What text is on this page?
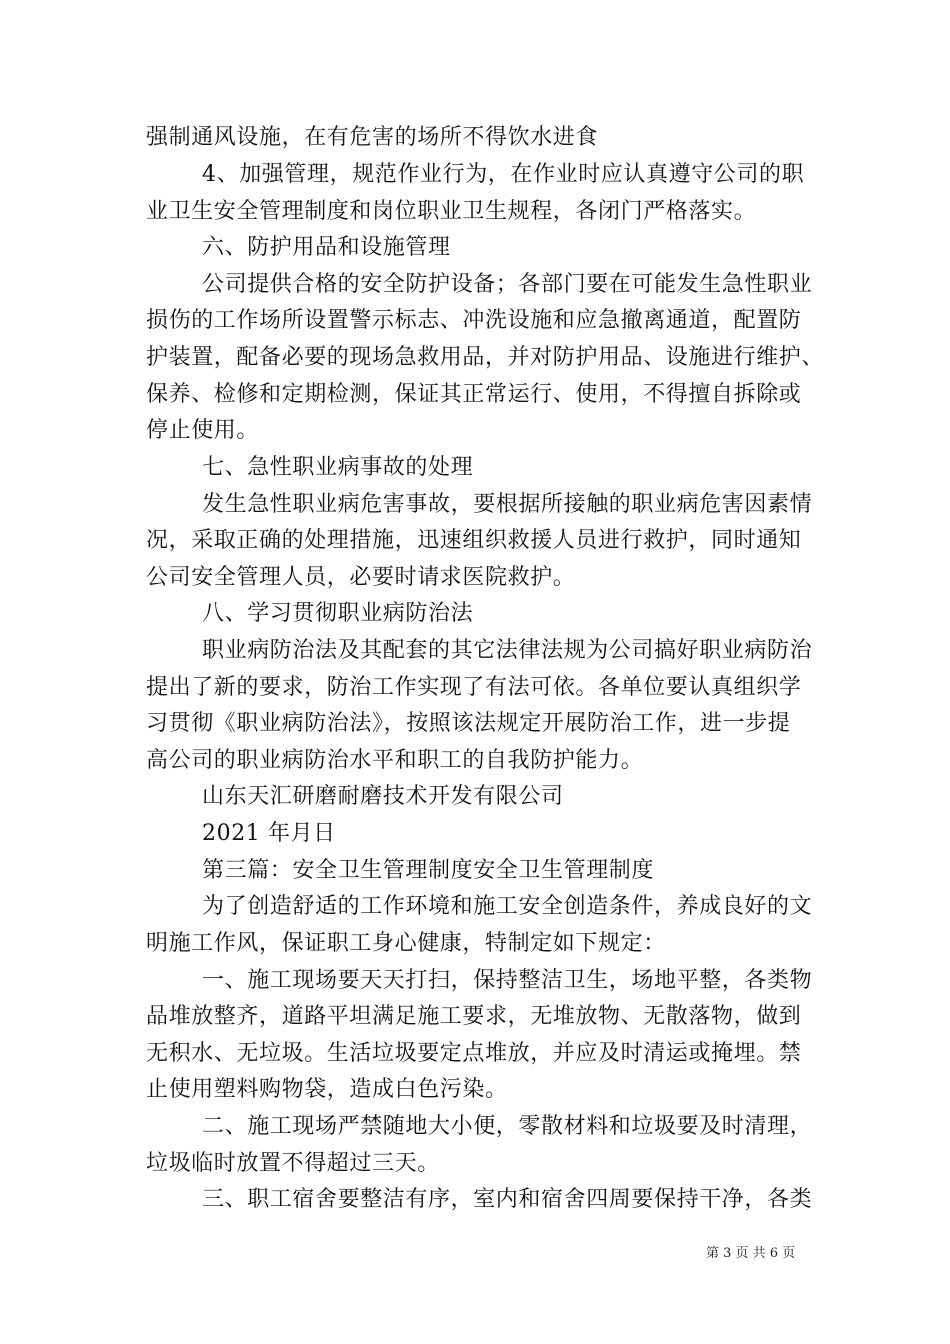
强制通风设施，在有危害的场所不得饮水进食
4、加强管理，规范作业行为，在作业时应认真遵守公司的职
业卫生安全管理制度和岗位职业卫生规程，各闭门严格落实。
六、防护用品和设施管理
公司提供合格的安全防护设备；各部门要在可能发生急性职业
损伤的工作场所设置警示标志、冲洗设施和应急撤离通道，配置防
护装置，配备必要的现场急救用品，并对防护用品、设施进行维护、
保养、检修和定期检测，保证其正常运行、使用，不得擅自拆除或
停止使用。
七、急性职业病事故的处理
发生急性职业病危害事故，要根据所接触的职业病危害因素情
况，采取正确的处理措施，迅速组织救援人员进行救护，同时通知
公司安全管理人员，必要时请求医院救护。
八、学习贯彻职业病防治法
职业病防治法及其配套的其它法律法规为公司搞好职业病防治
提出了新的要求，防治工作实现了有法可依。各单位要认真组织学
习贯彻《职业病防治法》，按照该法规定开展防治工作，进一步提
高公司的职业病防治水平和职工的自我防护能力。
山东天汇研磨耐磨技术开发有限公司
2021 年月日
第三篇：安全卫生管理制度安全卫生管理制度
为了创造舒适的工作环境和施工安全创造条件，养成良好的文
明施工作风，保证职工身心健康，特制定如下规定：
一、施工现场要天天打扫，保持整洁卫生，场地平整，各类物
品堆放整齐，道路平坦满足施工要求，无堆放物、无散落物，做到
无积水、无垃圾。生活垃圾要定点堆放，并应及时清运或掩埋。禁
止使用塑料购物袋，造成白色污染。
二、施工现场严禁随地大小便，零散材料和垃圾要及时清理，
垃圾临时放置不得超过三天。
三、职工宿舍要整洁有序，室内和宿舍四周要保持干净，各类
第 3 页 共 6 页
